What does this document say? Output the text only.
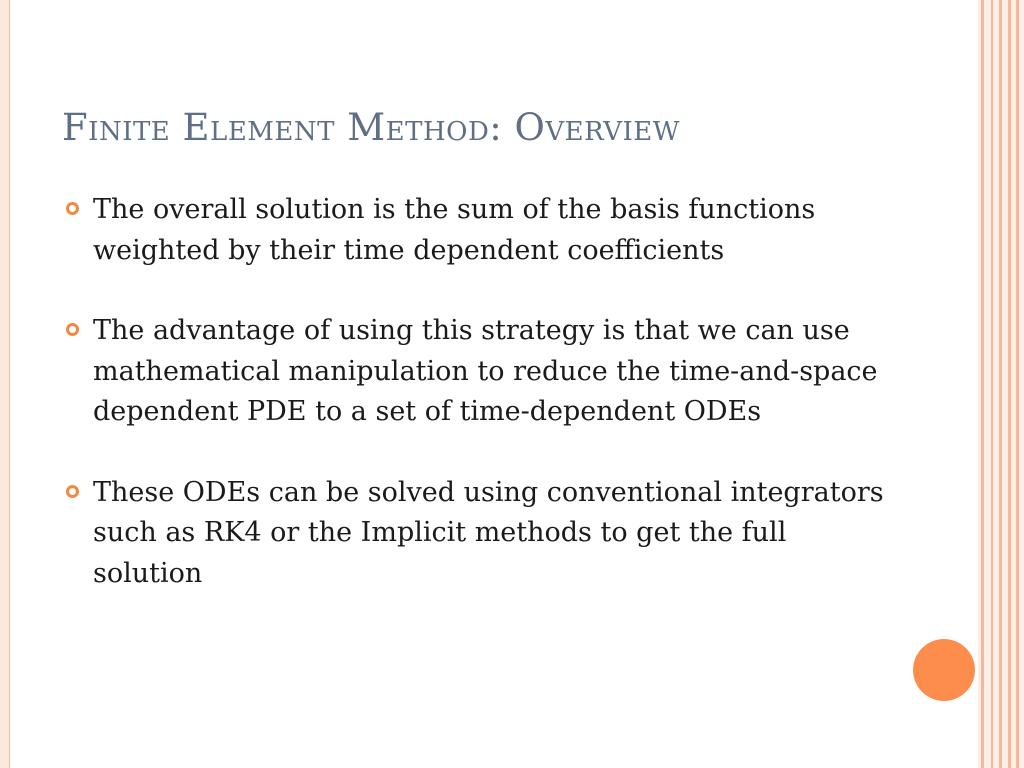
Finite Element Method: Overview
The overall solution is the sum of the basis functions weighted by their time dependent coefficients
The advantage of using this strategy is that we can use mathematical manipulation to reduce the time-and-space dependent PDE to a set of time-dependent ODEs
These ODEs can be solved using conventional integrators such as RK4 or the Implicit methods to get the full solution
